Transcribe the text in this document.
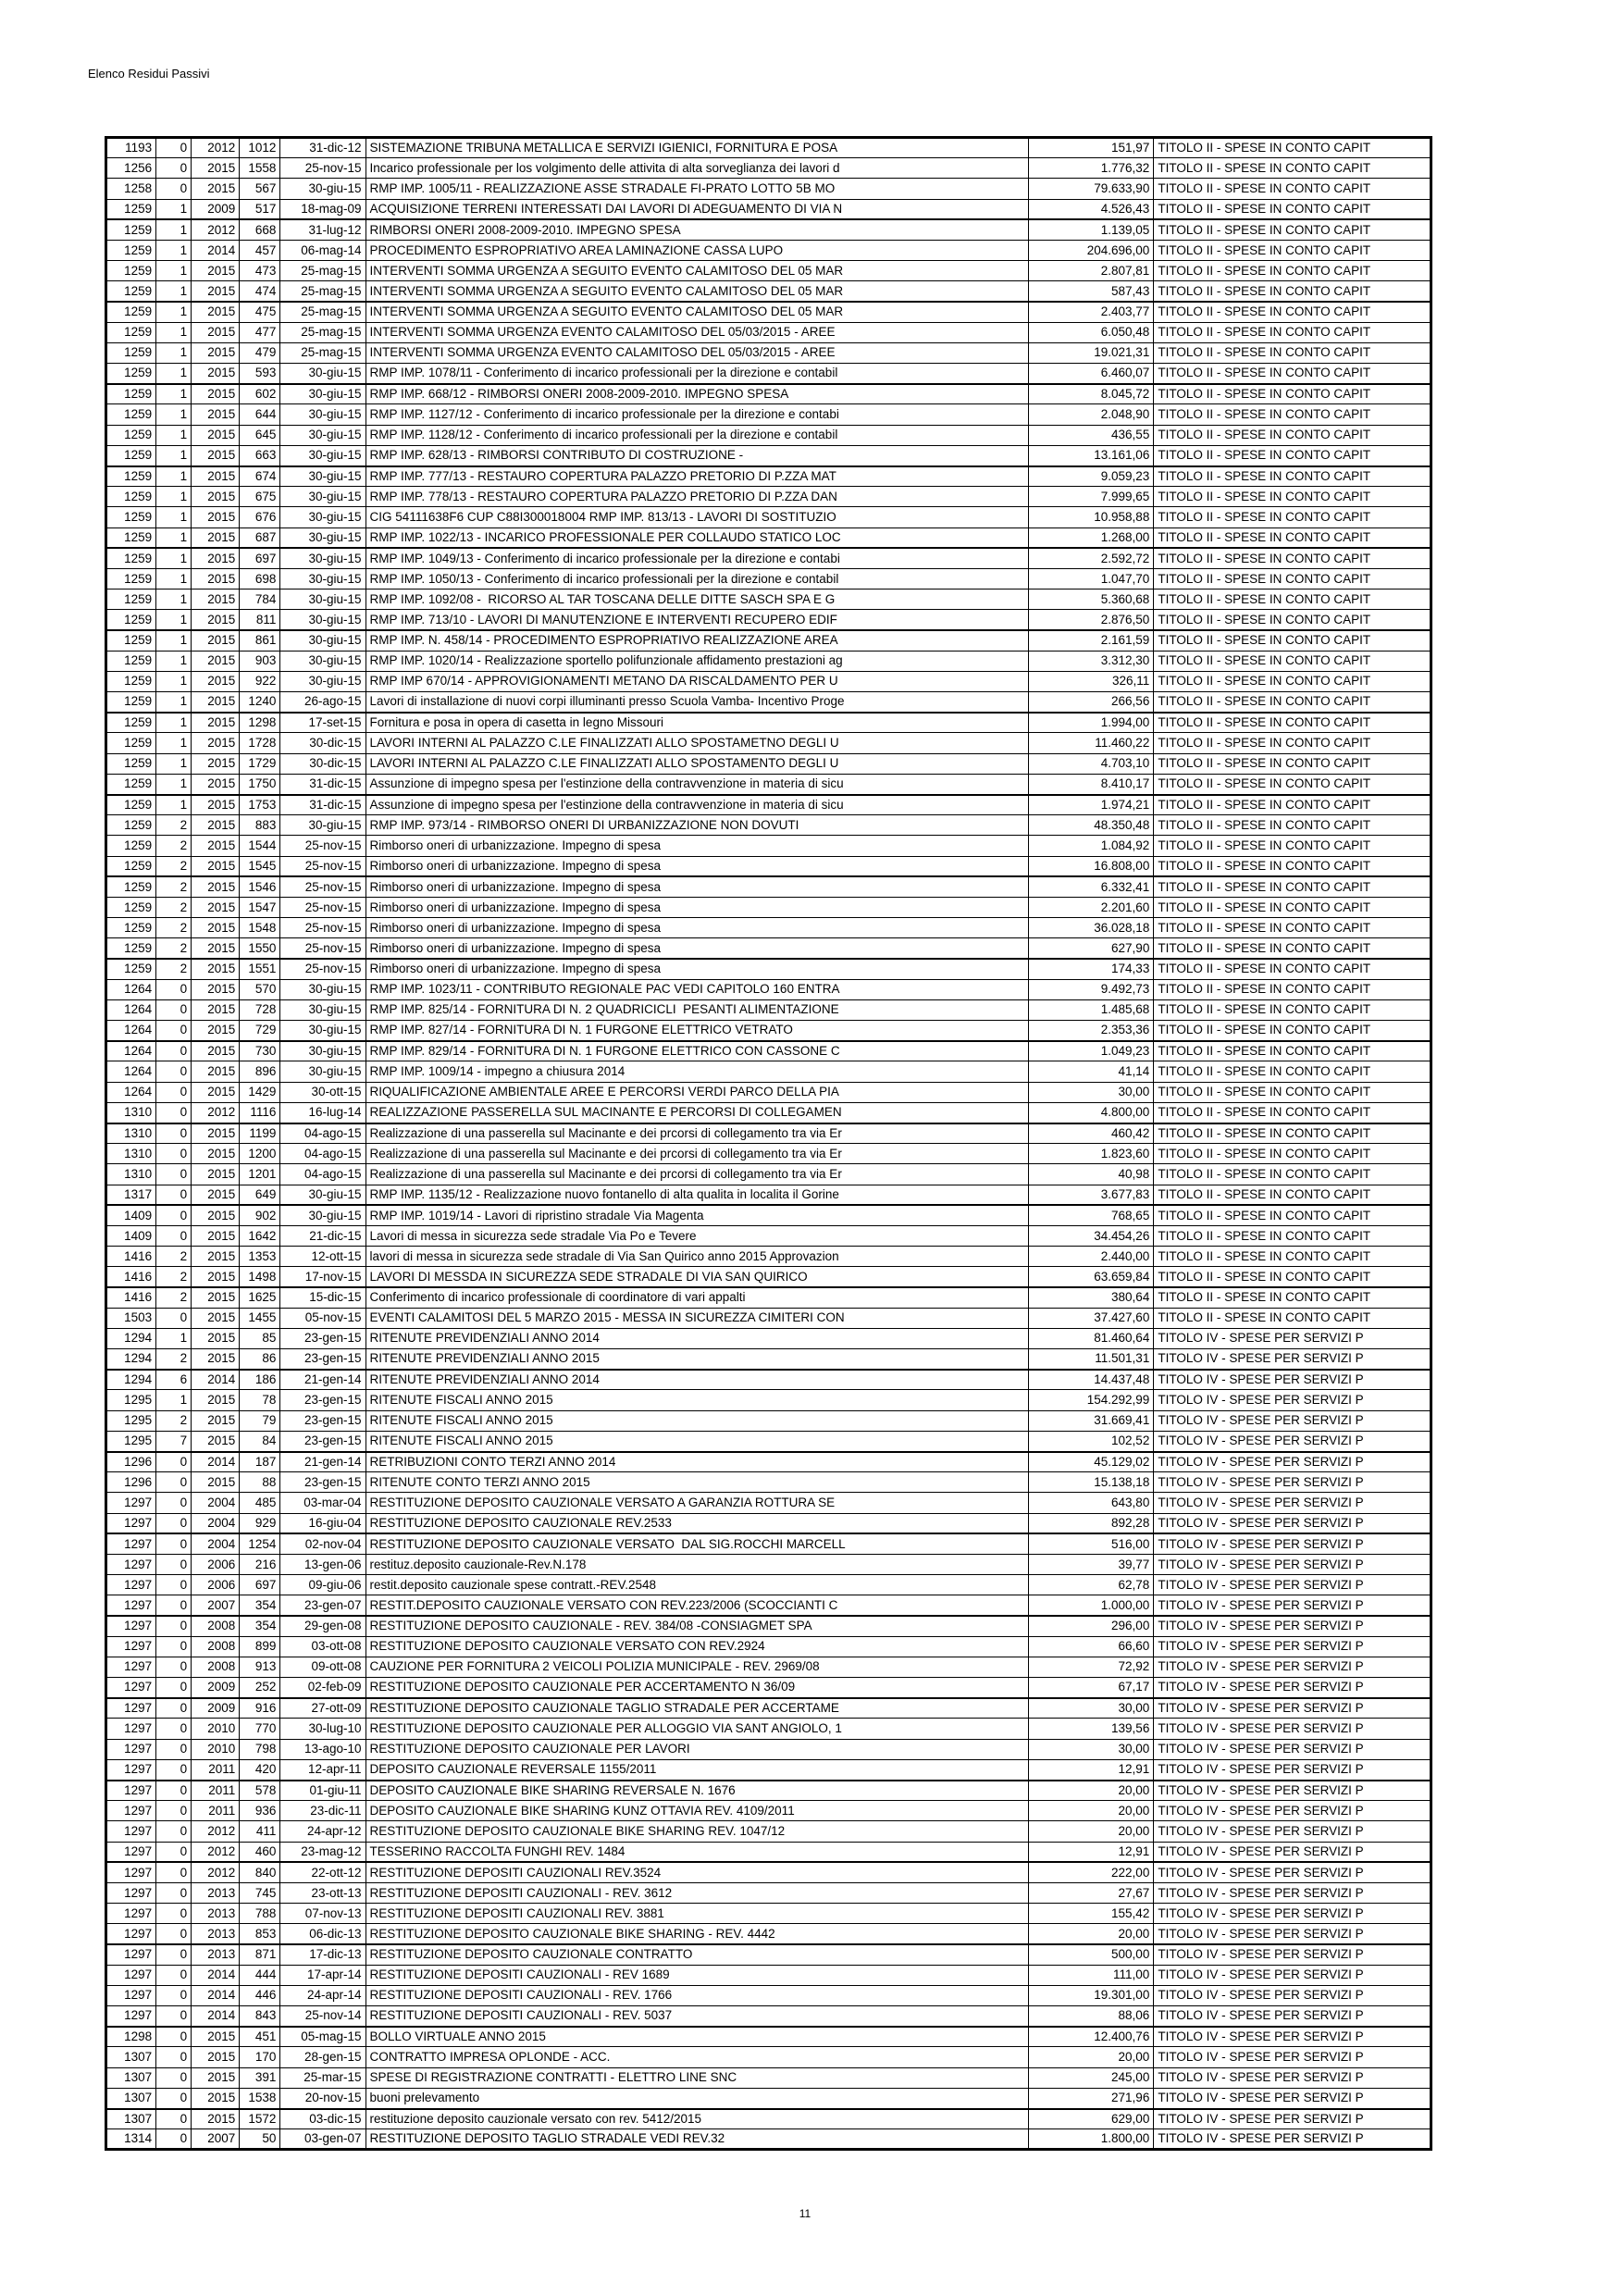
Elenco Residui Passivi
1193	0	2012	1012	31-dic-12	SISTEMAZIONE TRIBUNA METALLICA E SERVIZI IGIENICI, FORNITURA E POSA	151,97	TITOLO II - SPESE IN CONTO CAPIT
1256	0	2015	1558	25-nov-15	Incarico professionale per los volgimento delle attivita di alta sorveglianza dei lavori d	1.776,32	TITOLO II - SPESE IN CONTO CAPIT
1258	0	2015	567	30-giu-15	RMP IMP. 1005/11 - REALIZZAZIONE ASSE STRADALE FI-PRATO LOTTO 5B MO	79.633,90	TITOLO II - SPESE IN CONTO CAPIT
1259	1	2009	517	18-mag-09	ACQUISIZIONE TERRENI INTERESSATI DAI LAVORI DI ADEGUAMENTO DI VIA N	4.526,43	TITOLO II - SPESE IN CONTO CAPIT
1259	1	2012	668	31-lug-12	RIMBORSI ONERI 2008-2009-2010. IMPEGNO SPESA	1.139,05	TITOLO II - SPESE IN CONTO CAPIT
1259	1	2014	457	06-mag-14	PROCEDIMENTO ESPROPRIATIVO AREA LAMINAZIONE CASSA LUPO	204.696,00	TITOLO II - SPESE IN CONTO CAPIT
1259	1	2015	473	25-mag-15	INTERVENTI SOMMA URGENZA A SEGUITO EVENTO CALAMITOSO DEL 05 MAR	2.807,81	TITOLO II - SPESE IN CONTO CAPIT
1259	1	2015	474	25-mag-15	INTERVENTI SOMMA URGENZA A SEGUITO EVENTO CALAMITOSO DEL 05 MAR	587,43	TITOLO II - SPESE IN CONTO CAPIT
1259	1	2015	475	25-mag-15	INTERVENTI SOMMA URGENZA A SEGUITO EVENTO CALAMITOSO DEL 05 MAR	2.403,77	TITOLO II - SPESE IN CONTO CAPIT
1259	1	2015	477	25-mag-15	INTERVENTI SOMMA URGENZA EVENTO CALAMITOSO DEL 05/03/2015 - AREE	6.050,48	TITOLO II - SPESE IN CONTO CAPIT
1259	1	2015	479	25-mag-15	INTERVENTI SOMMA URGENZA EVENTO CALAMITOSO DEL 05/03/2015 - AREE	19.021,31	TITOLO II - SPESE IN CONTO CAPIT
1259	1	2015	593	30-giu-15	RMP IMP. 1078/11 - Conferimento di incarico professionali per la direzione e contabil	6.460,07	TITOLO II - SPESE IN CONTO CAPIT
1259	1	2015	602	30-giu-15	RMP IMP. 668/12 - RIMBORSI ONERI 2008-2009-2010. IMPEGNO SPESA	8.045,72	TITOLO II - SPESE IN CONTO CAPIT
1259	1	2015	644	30-giu-15	RMP IMP. 1127/12 - Conferimento di incarico professionale per la direzione e contabi	2.048,90	TITOLO II - SPESE IN CONTO CAPIT
1259	1	2015	645	30-giu-15	RMP IMP. 1128/12 - Conferimento di incarico professionali per la direzione e contabil	436,55	TITOLO II - SPESE IN CONTO CAPIT
1259	1	2015	663	30-giu-15	RMP IMP. 628/13 - RIMBORSI CONTRIBUTO DI COSTRUZIONE -	13.161,06	TITOLO II - SPESE IN CONTO CAPIT
1259	1	2015	674	30-giu-15	RMP IMP. 777/13 - RESTAURO COPERTURA PALAZZO PRETORIO DI P.ZZA MAT	9.059,23	TITOLO II - SPESE IN CONTO CAPIT
1259	1	2015	675	30-giu-15	RMP IMP. 778/13 - RESTAURO COPERTURA PALAZZO PRETORIO DI P.ZZA DAN	7.999,65	TITOLO II - SPESE IN CONTO CAPIT
1259	1	2015	676	30-giu-15	CIG 54111638F6 CUP C88I300018004 RMP IMP. 813/13 - LAVORI DI SOSTITUZIO	10.958,88	TITOLO II - SPESE IN CONTO CAPIT
1259	1	2015	687	30-giu-15	RMP IMP. 1022/13 - INCARICO PROFESSIONALE PER COLLAUDO STATICO LOC	1.268,00	TITOLO II - SPESE IN CONTO CAPIT
1259	1	2015	697	30-giu-15	RMP IMP. 1049/13 - Conferimento di incarico professionale per la direzione e contabi	2.592,72	TITOLO II - SPESE IN CONTO CAPIT
1259	1	2015	698	30-giu-15	RMP IMP. 1050/13 - Conferimento di incarico professionali per la direzione e contabil	1.047,70	TITOLO II - SPESE IN CONTO CAPIT
1259	1	2015	784	30-giu-15	RMP IMP. 1092/08 -  RICORSO AL TAR TOSCANA DELLE DITTE SASCH SPA E G	5.360,68	TITOLO II - SPESE IN CONTO CAPIT
1259	1	2015	811	30-giu-15	RMP IMP. 713/10 - LAVORI DI MANUTENZIONE E INTERVENTI RECUPERO EDIF	2.876,50	TITOLO II - SPESE IN CONTO CAPIT
1259	1	2015	861	30-giu-15	RMP IMP. N. 458/14 - PROCEDIMENTO ESPROPRIATIVO REALIZZAZIONE AREA	2.161,59	TITOLO II - SPESE IN CONTO CAPIT
1259	1	2015	903	30-giu-15	RMP IMP. 1020/14 - Realizzazione sportello polifunzionale affidamento prestazioni ag	3.312,30	TITOLO II - SPESE IN CONTO CAPIT
1259	1	2015	922	30-giu-15	RMP IMP 670/14 - APPROVIGIONAMENTI METANO DA RISCALDAMENTO PER U	326,11	TITOLO II - SPESE IN CONTO CAPIT
1259	1	2015	1240	26-ago-15	Lavori di installazione di nuovi corpi illuminanti presso Scuola Vamba- Incentivo Proge	266,56	TITOLO II - SPESE IN CONTO CAPIT
1259	1	2015	1298	17-set-15	Fornitura e posa in opera di casetta in legno Missouri	1.994,00	TITOLO II - SPESE IN CONTO CAPIT
1259	1	2015	1728	30-dic-15	LAVORI INTERNI AL PALAZZO C.LE FINALIZZATI ALLO SPOSTAMETNO DEGLI U	11.460,22	TITOLO II - SPESE IN CONTO CAPIT
1259	1	2015	1729	30-dic-15	LAVORI INTERNI AL PALAZZO C.LE FINALIZZATI ALLO SPOSTAMENTO DEGLI U	4.703,10	TITOLO II - SPESE IN CONTO CAPIT
1259	1	2015	1750	31-dic-15	Assunzione di impegno spesa per l'estinzione della contravvenzione in materia di sicu	8.410,17	TITOLO II - SPESE IN CONTO CAPIT
1259	1	2015	1753	31-dic-15	Assunzione di impegno spesa per l'estinzione della contravvenzione in materia di sicu	1.974,21	TITOLO II - SPESE IN CONTO CAPIT
1259	2	2015	883	30-giu-15	RMP IMP. 973/14 - RIMBORSO ONERI DI URBANIZZAZIONE NON DOVUTI	48.350,48	TITOLO II - SPESE IN CONTO CAPIT
1259	2	2015	1544	25-nov-15	Rimborso oneri di urbanizzazione. Impegno di spesa	1.084,92	TITOLO II - SPESE IN CONTO CAPIT
1259	2	2015	1545	25-nov-15	Rimborso oneri di urbanizzazione. Impegno di spesa	16.808,00	TITOLO II - SPESE IN CONTO CAPIT
1259	2	2015	1546	25-nov-15	Rimborso oneri di urbanizzazione. Impegno di spesa	6.332,41	TITOLO II - SPESE IN CONTO CAPIT
1259	2	2015	1547	25-nov-15	Rimborso oneri di urbanizzazione. Impegno di spesa	2.201,60	TITOLO II - SPESE IN CONTO CAPIT
1259	2	2015	1548	25-nov-15	Rimborso oneri di urbanizzazione. Impegno di spesa	36.028,18	TITOLO II - SPESE IN CONTO CAPIT
1259	2	2015	1550	25-nov-15	Rimborso oneri di urbanizzazione. Impegno di spesa	627,90	TITOLO II - SPESE IN CONTO CAPIT
1259	2	2015	1551	25-nov-15	Rimborso oneri di urbanizzazione. Impegno di spesa	174,33	TITOLO II - SPESE IN CONTO CAPIT
1264	0	2015	570	30-giu-15	RMP IMP. 1023/11 - CONTRIBUTO REGIONALE PAC VEDI CAPITOLO 160 ENTRA	9.492,73	TITOLO II - SPESE IN CONTO CAPIT
1264	0	2015	728	30-giu-15	RMP IMP. 825/14 - FORNITURA DI N. 2 QUADRICICLI  PESANTI ALIMENTAZIONE	1.485,68	TITOLO II - SPESE IN CONTO CAPIT
1264	0	2015	729	30-giu-15	RMP IMP. 827/14 - FORNITURA DI N. 1 FURGONE ELETTRICO VETRATO	2.353,36	TITOLO II - SPESE IN CONTO CAPIT
1264	0	2015	730	30-giu-15	RMP IMP. 829/14 - FORNITURA DI N. 1 FURGONE ELETTRICO CON CASSONE C	1.049,23	TITOLO II - SPESE IN CONTO CAPIT
1264	0	2015	896	30-giu-15	RMP IMP. 1009/14 - impegno a chiusura 2014	41,14	TITOLO II - SPESE IN CONTO CAPIT
1264	0	2015	1429	30-ott-15	RIQUALIFICAZIONE AMBIENTALE AREE E PERCORSI VERDI PARCO DELLA PIA	30,00	TITOLO II - SPESE IN CONTO CAPIT
1310	0	2012	1116	16-lug-14	REALIZZAZIONE PASSERELLA SUL MACINANTE E PERCORSI DI COLLEGAMEN	4.800,00	TITOLO II - SPESE IN CONTO CAPIT
1310	0	2015	1199	04-ago-15	Realizzazione di una passerella sul Macinante e dei prcorsi di collegamento tra via Er	460,42	TITOLO II - SPESE IN CONTO CAPIT
1310	0	2015	1200	04-ago-15	Realizzazione di una passerella sul Macinante e dei prcorsi di collegamento tra via Er	1.823,60	TITOLO II - SPESE IN CONTO CAPIT
1310	0	2015	1201	04-ago-15	Realizzazione di una passerella sul Macinante e dei prcorsi di collegamento tra via Er	40,98	TITOLO II - SPESE IN CONTO CAPIT
1317	0	2015	649	30-giu-15	RMP IMP. 1135/12 - Realizzazione nuovo fontanello di alta qualita in localita il Gorine	3.677,83	TITOLO II - SPESE IN CONTO CAPIT
1409	0	2015	902	30-giu-15	RMP IMP. 1019/14 - Lavori di ripristino stradale Via Magenta	768,65	TITOLO II - SPESE IN CONTO CAPIT
1409	0	2015	1642	21-dic-15	Lavori di messa in sicurezza sede stradale Via Po e Tevere	34.454,26	TITOLO II - SPESE IN CONTO CAPIT
1416	2	2015	1353	12-ott-15	lavori di messa in sicurezza sede stradale di Via San Quirico anno 2015 Approvazion	2.440,00	TITOLO II - SPESE IN CONTO CAPIT
1416	2	2015	1498	17-nov-15	LAVORI DI MESSDA IN SICUREZZA SEDE STRADALE DI VIA SAN QUIRICO	63.659,84	TITOLO II - SPESE IN CONTO CAPIT
1416	2	2015	1625	15-dic-15	Conferimento di incarico professionale di coordinatore di vari appalti	380,64	TITOLO II - SPESE IN CONTO CAPIT
1503	0	2015	1455	05-nov-15	EVENTI CALAMITOSI DEL 5 MARZO 2015 - MESSA IN SICUREZZA CIMITERI CON	37.427,60	TITOLO II - SPESE IN CONTO CAPIT
1294	1	2015	85	23-gen-15	RITENUTE PREVIDENZIALI ANNO 2014	81.460,64	TITOLO IV - SPESE PER SERVIZI P
1294	2	2015	86	23-gen-15	RITENUTE PREVIDENZIALI ANNO 2015	11.501,31	TITOLO IV - SPESE PER SERVIZI P
1294	6	2014	186	21-gen-14	RITENUTE PREVIDENZIALI ANNO 2014	14.437,48	TITOLO IV - SPESE PER SERVIZI P
1295	1	2015	78	23-gen-15	RITENUTE FISCALI ANNO 2015	154.292,99	TITOLO IV - SPESE PER SERVIZI P
1295	2	2015	79	23-gen-15	RITENUTE FISCALI ANNO 2015	31.669,41	TITOLO IV - SPESE PER SERVIZI P
1295	7	2015	84	23-gen-15	RITENUTE FISCALI ANNO 2015	102,52	TITOLO IV - SPESE PER SERVIZI P
1296	0	2014	187	21-gen-14	RETRIBUZIONI CONTO TERZI ANNO 2014	45.129,02	TITOLO IV - SPESE PER SERVIZI P
1296	0	2015	88	23-gen-15	RITENUTE CONTO TERZI ANNO 2015	15.138,18	TITOLO IV - SPESE PER SERVIZI P
1297	0	2004	485	03-mar-04	RESTITUZIONE DEPOSITO CAUZIONALE VERSATO A GARANZIA ROTTURA SE	643,80	TITOLO IV - SPESE PER SERVIZI P
1297	0	2004	929	16-giu-04	RESTITUZIONE DEPOSITO CAUZIONALE REV.2533	892,28	TITOLO IV - SPESE PER SERVIZI P
1297	0	2004	1254	02-nov-04	RESTITUZIONE DEPOSITO CAUZIONALE VERSATO  DAL SIG.ROCCHI MARCELL	516,00	TITOLO IV - SPESE PER SERVIZI P
1297	0	2006	216	13-gen-06	restituz.deposito cauzionale-Rev.N.178	39,77	TITOLO IV - SPESE PER SERVIZI P
1297	0	2006	697	09-giu-06	restit.deposito cauzionale spese contratt.-REV.2548	62,78	TITOLO IV - SPESE PER SERVIZI P
1297	0	2007	354	23-gen-07	RESTIT.DEPOSITO CAUZIONALE VERSATO CON REV.223/2006 (SCOCCIANTI C	1.000,00	TITOLO IV - SPESE PER SERVIZI P
1297	0	2008	354	29-gen-08	RESTITUZIONE DEPOSITO CAUZIONALE - REV. 384/08 -CONSIAGMET SPA	296,00	TITOLO IV - SPESE PER SERVIZI P
1297	0	2008	899	03-ott-08	RESTITUZIONE DEPOSITO CAUZIONALE VERSATO CON REV.2924	66,60	TITOLO IV - SPESE PER SERVIZI P
1297	0	2008	913	09-ott-08	CAUZIONE PER FORNITURA 2 VEICOLI POLIZIA MUNICIPALE - REV. 2969/08	72,92	TITOLO IV - SPESE PER SERVIZI P
1297	0	2009	252	02-feb-09	RESTITUZIONE DEPOSITO CAUZIONALE PER ACCERTAMENTO N 36/09	67,17	TITOLO IV - SPESE PER SERVIZI P
1297	0	2009	916	27-ott-09	RESTITUZIONE DEPOSITO CAUZIONALE TAGLIO STRADALE PER ACCERTAME	30,00	TITOLO IV - SPESE PER SERVIZI P
1297	0	2010	770	30-lug-10	RESTITUZIONE DEPOSITO CAUZIONALE PER ALLOGGIO VIA SANT ANGIOLO, 1	139,56	TITOLO IV - SPESE PER SERVIZI P
1297	0	2010	798	13-ago-10	RESTITUZIONE DEPOSITO CAUZIONALE PER LAVORI	30,00	TITOLO IV - SPESE PER SERVIZI P
1297	0	2011	420	12-apr-11	DEPOSITO CAUZIONALE REVERSALE 1155/2011	12,91	TITOLO IV - SPESE PER SERVIZI P
1297	0	2011	578	01-giu-11	DEPOSITO CAUZIONALE BIKE SHARING REVERSALE N. 1676	20,00	TITOLO IV - SPESE PER SERVIZI P
1297	0	2011	936	23-dic-11	DEPOSITO CAUZIONALE BIKE SHARING KUNZ OTTAVIA REV. 4109/2011	20,00	TITOLO IV - SPESE PER SERVIZI P
1297	0	2012	411	24-apr-12	RESTITUZIONE DEPOSITO CAUZIONALE BIKE SHARING REV. 1047/12	20,00	TITOLO IV - SPESE PER SERVIZI P
1297	0	2012	460	23-mag-12	TESSERINO RACCOLTA FUNGHI REV. 1484	12,91	TITOLO IV - SPESE PER SERVIZI P
1297	0	2012	840	22-ott-12	RESTITUZIONE DEPOSITI CAUZIONALI REV.3524	222,00	TITOLO IV - SPESE PER SERVIZI P
1297	0	2013	745	23-ott-13	RESTITUZIONE DEPOSITI CAUZIONALI - REV. 3612	27,67	TITOLO IV - SPESE PER SERVIZI P
1297	0	2013	788	07-nov-13	RESTITUZIONE DEPOSITI CAUZIONALI REV. 3881	155,42	TITOLO IV - SPESE PER SERVIZI P
1297	0	2013	853	06-dic-13	RESTITUZIONE DEPOSITO CAUZIONALE BIKE SHARING - REV. 4442	20,00	TITOLO IV - SPESE PER SERVIZI P
1297	0	2013	871	17-dic-13	RESTITUZIONE DEPOSITO CAUZIONALE CONTRATTO	500,00	TITOLO IV - SPESE PER SERVIZI P
1297	0	2014	444	17-apr-14	RESTITUZIONE DEPOSITI CAUZIONALI - REV 1689	111,00	TITOLO IV - SPESE PER SERVIZI P
1297	0	2014	446	24-apr-14	RESTITUZIONE DEPOSITI CAUZIONALI - REV. 1766	19.301,00	TITOLO IV - SPESE PER SERVIZI P
1297	0	2014	843	25-nov-14	RESTITUZIONE DEPOSITI CAUZIONALI - REV. 5037	88,06	TITOLO IV - SPESE PER SERVIZI P
1298	0	2015	451	05-mag-15	BOLLO VIRTUALE ANNO 2015	12.400,76	TITOLO IV - SPESE PER SERVIZI P
1307	0	2015	170	28-gen-15	CONTRATTO IMPRESA OPLONDE - ACC.	20,00	TITOLO IV - SPESE PER SERVIZI P
1307	0	2015	391	25-mar-15	SPESE DI REGISTRAZIONE CONTRATTI - ELETTRO LINE SNC	245,00	TITOLO IV - SPESE PER SERVIZI P
1307	0	2015	1538	20-nov-15	buoni prelevamento	271,96	TITOLO IV - SPESE PER SERVIZI P
1307	0	2015	1572	03-dic-15	restituzione deposito cauzionale versato con rev. 5412/2015	629,00	TITOLO IV - SPESE PER SERVIZI P
1314	0	2007	50	03-gen-07	RESTITUZIONE DEPOSITO TAGLIO STRADALE VEDI REV.32	1.800,00	TITOLO IV - SPESE PER SERVIZI P
11
